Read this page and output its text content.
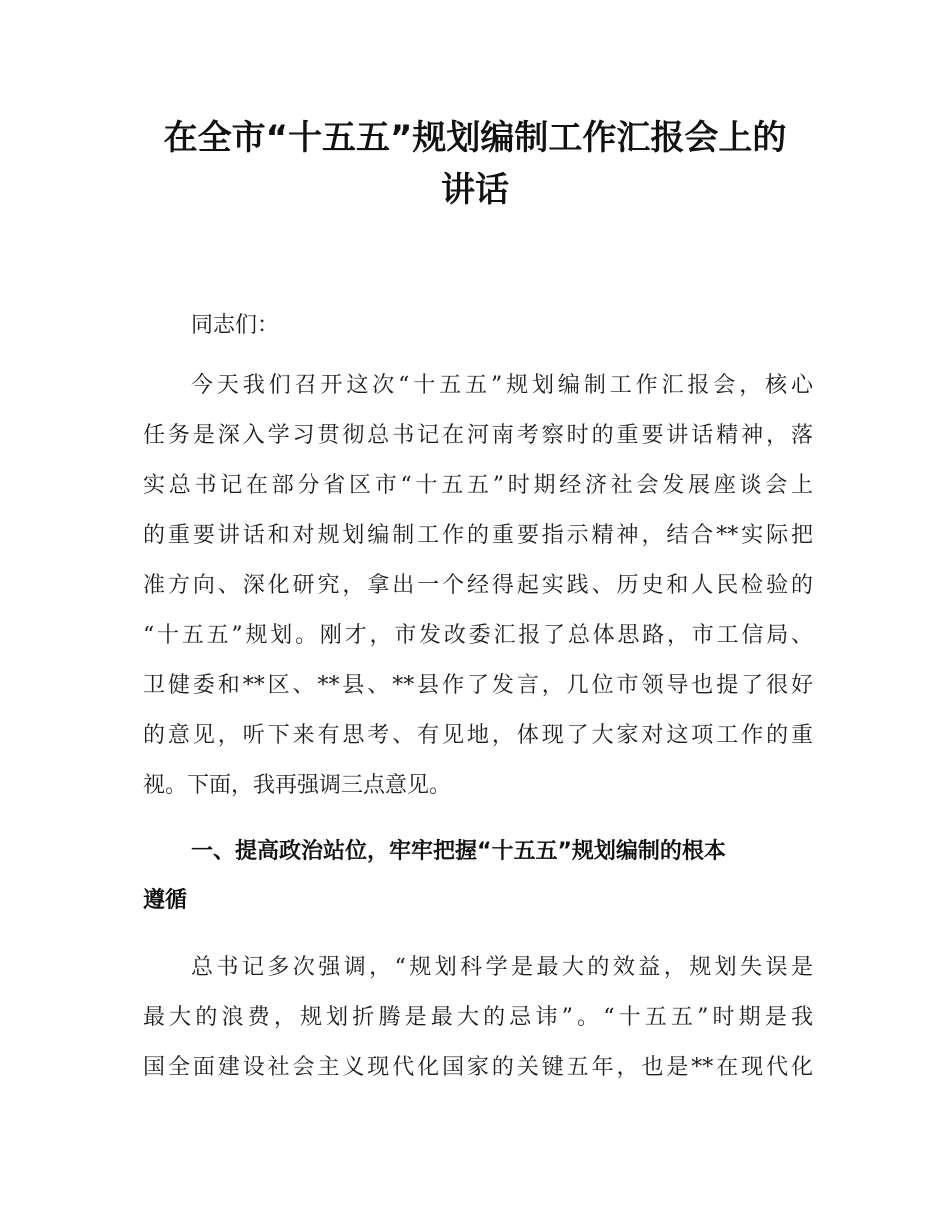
在全市“十五五”规划编制工作汇报会上的
讲话
同志们：
今天我们召开这次“十五五”规划编制工作汇报会，核心
任务是深入学习贯彻总书记在河南考察时的重要讲话精神，落
实总书记在部分省区市“十五五”时期经济社会发展座谈会上
的重要讲话和对规划编制工作的重要指示精神，结合**实际把
准方向、深化研究，拿出一个经得起实践、历史和人民检验的
“十五五”规划。刚才，市发改委汇报了总体思路，市工信局、
卫健委和**区、**县、**县作了发言，几位市领导也提了很好
的意见，听下来有思考、有见地，体现了大家对这项工作的重
视。下面，我再强调三点意见。
一、提高政治站位，牢牢把握“十五五”规划编制的根本
遵循
总书记多次强调，“规划科学是最大的效益，规划失误是
最大的浪费，规划折腾是最大的忌讳”。“十五五”时期是我
国全面建设社会主义现代化国家的关键五年，也是**在现代化
